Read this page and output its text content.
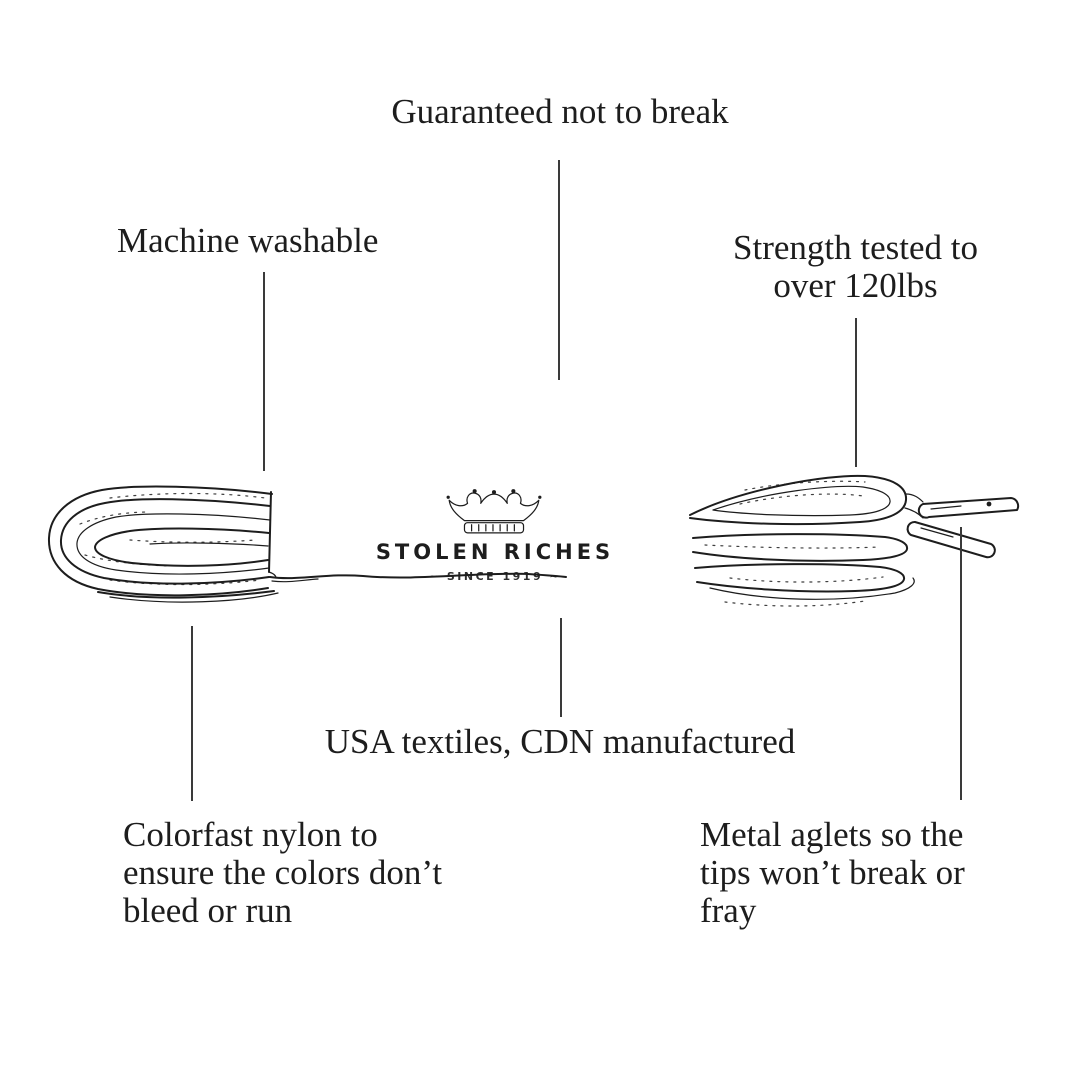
Guaranteed not to break
Machine washable	Strength tested to
over 120lbs
STOLEN RICHES
~ SINCE 1919 ~
USA textiles, CDN manufactured
Colorfast nylon to
ensure the colors don’t
bleed or run
Metal aglets so the
tips won’t break or
fray
